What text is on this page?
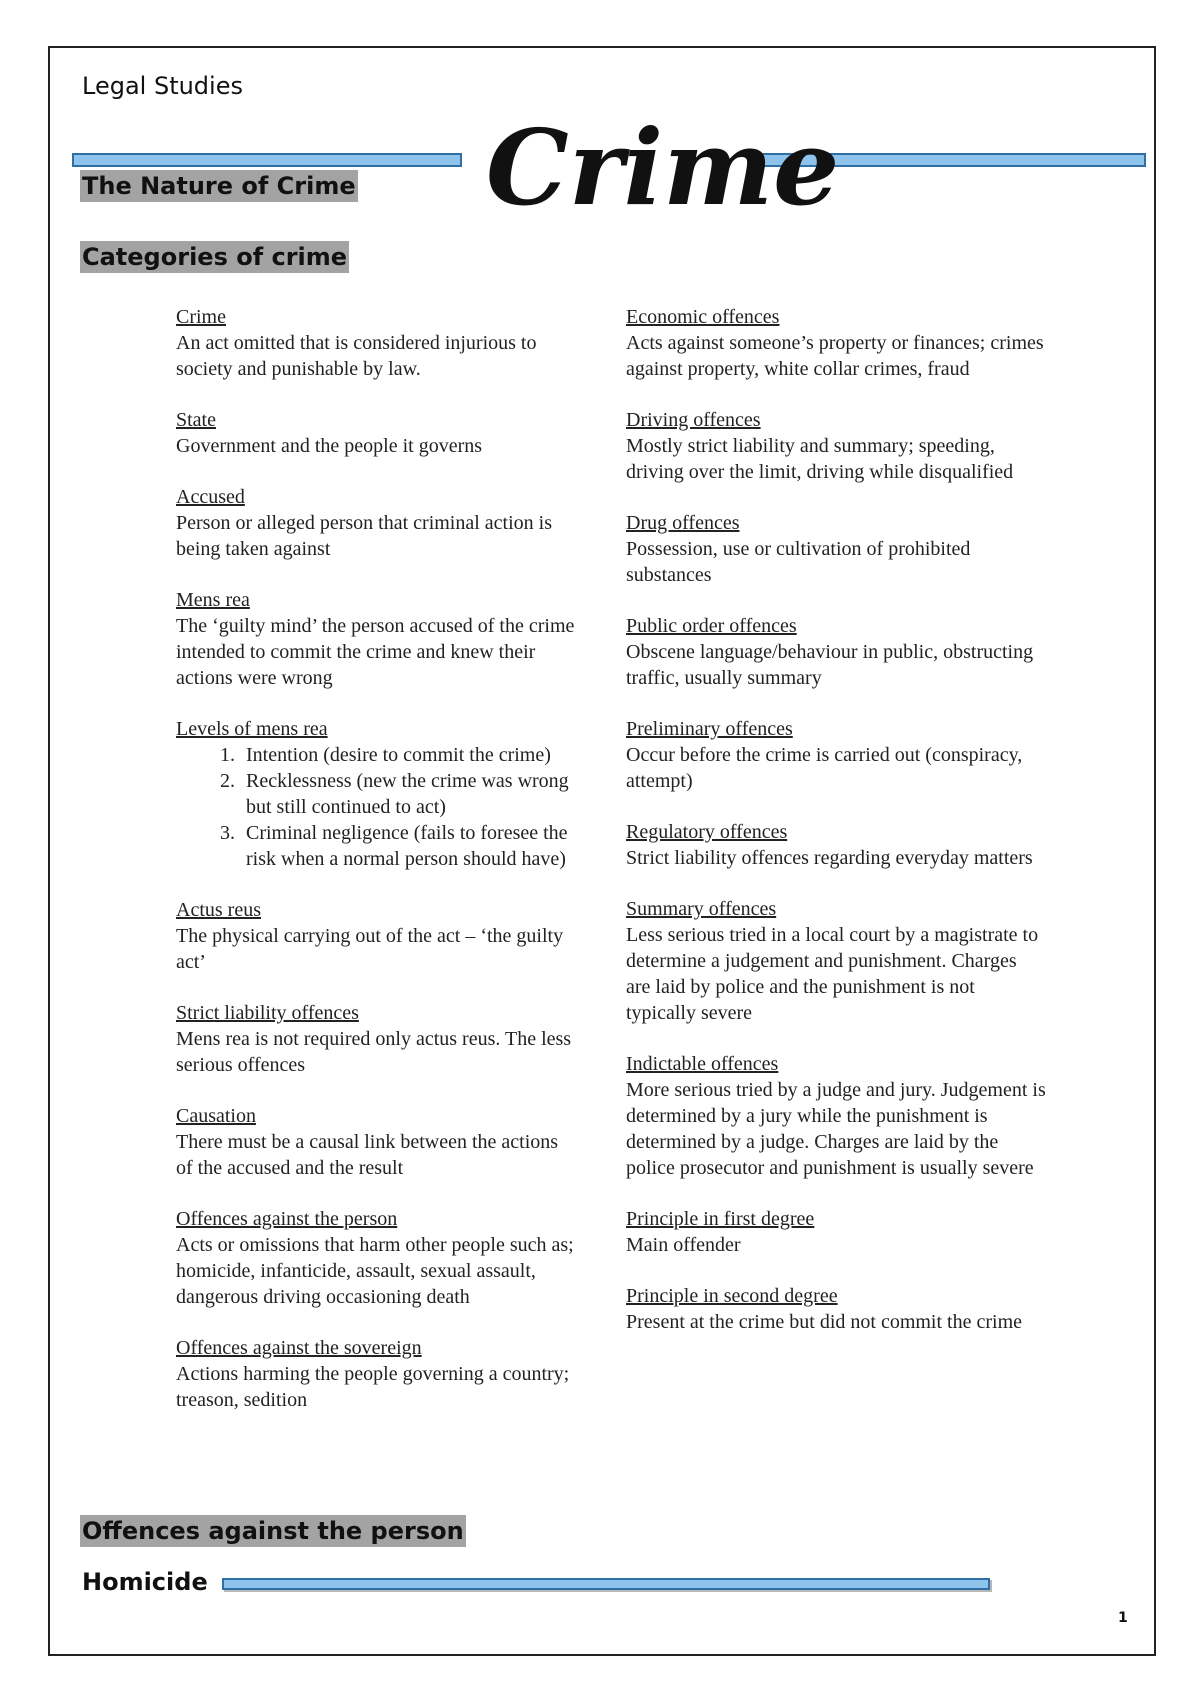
Legal Studies
Crime
The Nature of Crime
Categories of crime
Crime
An act omitted that is considered injurious to society and punishable by law.
State
Government and the people it governs
Accused
Person or alleged person that criminal action is being taken against
Mens rea
The ‘guilty mind’ the person accused of the crime intended to commit the crime and knew their actions were wrong
Levels of mens rea
1. Intention (desire to commit the crime)
2. Recklessness (new the crime was wrong but still continued to act)
3. Criminal negligence (fails to foresee the risk when a normal person should have)
Actus reus
The physical carrying out of the act – ‘the guilty act’
Strict liability offences
Mens rea is not required only actus reus. The less serious offences
Causation
There must be a causal link between the actions of the accused and the result
Offences against the person
Acts or omissions that harm other people such as; homicide, infanticide, assault, sexual assault, dangerous driving occasioning death
Offences against the sovereign
Actions harming the people governing a country; treason, sedition
Economic offences
Acts against someone’s property or finances; crimes against property, white collar crimes, fraud
Driving offences
Mostly strict liability and summary; speeding, driving over the limit, driving while disqualified
Drug offences
Possession, use or cultivation of prohibited substances
Public order offences
Obscene language/behaviour in public, obstructing traffic, usually summary
Preliminary offences
Occur before the crime is carried out (conspiracy, attempt)
Regulatory offences
Strict liability offences regarding everyday matters
Summary offences
Less serious tried in a local court by a magistrate to determine a judgement and punishment. Charges are laid by police and the punishment is not typically severe
Indictable offences
More serious tried by a judge and jury. Judgement is determined by a jury while the punishment is determined by a judge. Charges are laid by the police prosecutor and punishment is usually severe
Principle in first degree
Main offender
Principle in second degree
Present at the crime but did not commit the crime
Offences against the person
Homicide
1
